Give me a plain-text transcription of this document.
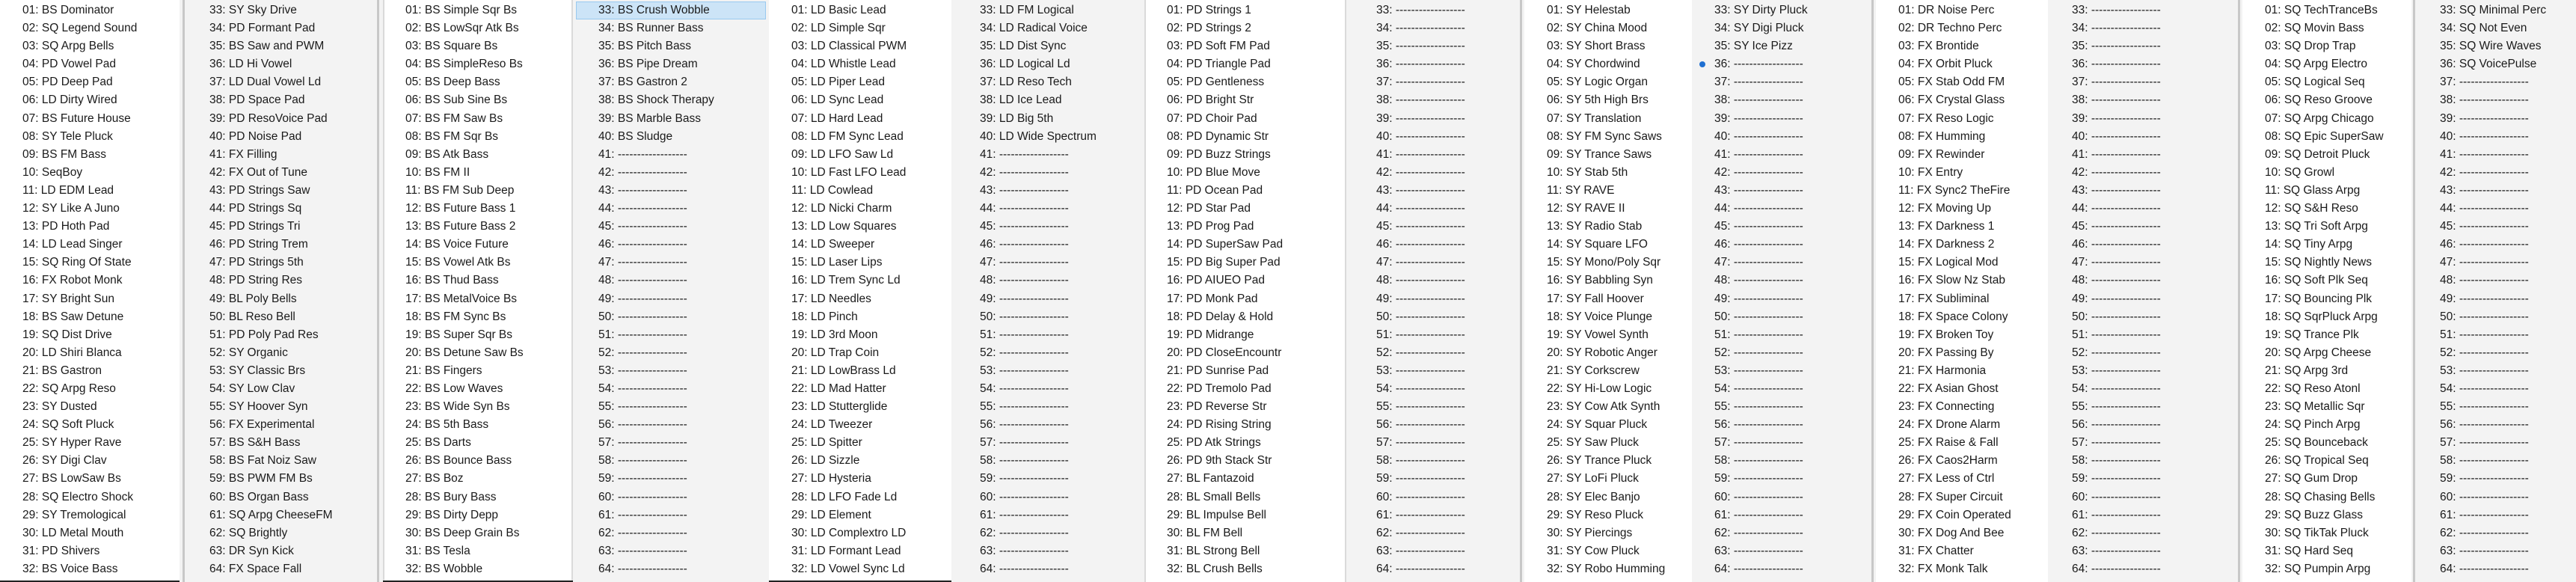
01: BS Dominator
02: SQ Legend Sound
03: SQ Arpg Bells
04: PD Vowel Pad
05: PD Deep Pad
06: LD Dirty Wired
07: BS Future House
08: SY Tele Pluck
09: BS FM Bass
10: SeqBoy
11: LD EDM Lead
12: SY Like A Juno
13: PD Hoth Pad
14: LD Lead Singer
15: SQ Ring Of State
16: FX Robot Monk
17: SY Bright Sun
18: BS Saw Detune
19: SQ Dist Drive
20: LD Shiri Blanca
21: BS Gastron
22: SQ Arpg Reso
23: SY Dusted
24: SQ Soft Pluck
25: SY Hyper Rave
26: SY Digi Clav
27: BS LowSaw Bs
28: SQ Electro Shock
29: SY Tremological
30: LD Metal Mouth
31: PD Shivers
32: BS Voice Bass
33: SY Sky Drive
34: PD Formant Pad
35: BS Saw and PWM
36: LD Hi Vowel
37: LD Dual Vowel Ld
38: PD Space Pad
39: PD ResoVoice Pad
40: PD Noise Pad
41: FX Filling
42: FX Out of Tune
43: PD Strings Saw
44: PD Strings Sq
45: PD Strings Tri
46: PD String Trem
47: PD Strings 5th
48: PD String Res
49: BL Poly Bells
50: BL Reso Bell
51: PD Poly Pad Res
52: SY Organic
53: SY Classic Brs
54: SY Low Clav
55: SY Hoover Syn
56: FX Experimental
57: BS S&H Bass
58: BS Fat Noiz Saw
59: BS PWM FM Bs
60: BS Organ Bass
61: SQ Arpg CheeseFM
62: SQ Brightly
63: DR Syn Kick
64: FX Space Fall
01: BS Simple Sqr Bs
02: BS LowSqr Atk Bs
03: BS Square Bs
04: BS SimpleReso Bs
05: BS Deep Bass
06: BS Sub Sine Bs
07: BS FM Saw Bs
08: BS FM Sqr Bs
09: BS Atk Bass
10: BS FM II
11: BS FM Sub Deep
12: BS Future Bass 1
13: BS Future Bass 2
14: BS Voice Future
15: BS Vowel Atk Bs
16: BS Thud Bass
17: BS MetalVoice Bs
18: BS FM Sync Bs
19: BS Super Sqr Bs
20: BS Detune Saw Bs
21: BS Fingers
22: BS Low Waves
23: BS Wide Syn Bs
24: BS 5th Bass
25: BS Darts
26: BS Bounce Bass
27: BS Boz
28: BS Bury Bass
29: BS Dirty Depp
30: BS Deep Grain Bs
31: BS Tesla
32: BS Wobble
33: BS Crush Wobble
34: BS Runner Bass
35: BS Pitch Bass
36: BS Pipe Dream
37: BS Gastron 2
38: BS Shock Therapy
39: BS Marble Bass
40: BS Sludge
41: ------------------
42: ------------------
43: ------------------
44: ------------------
45: ------------------
46: ------------------
47: ------------------
48: ------------------
49: ------------------
50: ------------------
51: ------------------
52: ------------------
53: ------------------
54: ------------------
55: ------------------
56: ------------------
57: ------------------
58: ------------------
59: ------------------
60: ------------------
61: ------------------
62: ------------------
63: ------------------
64: ------------------
01: LD Basic Lead
02: LD Simple Sqr
03: LD Classical PWM
04: LD Whistle Lead
05: LD Piper Lead
06: LD Sync Lead
07: LD Hard Lead
08: LD FM Sync Lead
09: LD LFO Saw Ld
10: LD Fast LFO Lead
11: LD Cowlead
12: LD Nicki Charm
13: LD Low Squares
14: LD Sweeper
15: LD Laser Lips
16: LD Trem Sync Ld
17: LD Needles
18: LD Pinch
19: LD 3rd Moon
20: LD Trap Coin
21: LD LowBrass Ld
22: LD Mad Hatter
23: LD Stutterglide
24: LD Tweezer
25: LD Spitter
26: LD Sizzle
27: LD Hysteria
28: LD LFO Fade Ld
29: LD Element
30: LD Complextro LD
31: LD Formant Lead
32: LD Vowel Sync Ld
33: LD FM Logical
34: LD Radical Voice
35: LD Dist Sync
36: LD Logical Ld
37: LD Reso Tech
38: LD Ice Lead
39: LD Big 5th
40: LD Wide Spectrum
41: ------------------
42: ------------------
43: ------------------
44: ------------------
45: ------------------
46: ------------------
47: ------------------
48: ------------------
49: ------------------
50: ------------------
51: ------------------
52: ------------------
53: ------------------
54: ------------------
55: ------------------
56: ------------------
57: ------------------
58: ------------------
59: ------------------
60: ------------------
61: ------------------
62: ------------------
63: ------------------
64: ------------------
01: PD Strings 1
02: PD Strings 2
03: PD Soft FM Pad
04: PD Triangle Pad
05: PD Gentleness
06: PD Bright Str
07: PD Choir Pad
08: PD Dynamic Str
09: PD Buzz Strings
10: PD Blue Move
11: PD Ocean Pad
12: PD Star Pad
13: PD Prog Pad
14: PD SuperSaw Pad
15: PD Big Super Pad
16: PD AIUEO Pad
17: PD Monk Pad
18: PD Delay & Hold
19: PD Midrange
20: PD CloseEncountr
21: PD Sunrise Pad
22: PD Tremolo Pad
23: PD Reverse Str
24: PD Rising String
25: PD Atk Strings
26: PD 9th Stack Str
27: BL Fantazoid
28: BL Small Bells
29: BL Impulse Bell
30: BL FM Bell
31: BL Strong Bell
32: BL Crush Bells
33: ------------------
34: ------------------
35: ------------------
36: ------------------
37: ------------------
38: ------------------
39: ------------------
40: ------------------
41: ------------------
42: ------------------
43: ------------------
44: ------------------
45: ------------------
46: ------------------
47: ------------------
48: ------------------
49: ------------------
50: ------------------
51: ------------------
52: ------------------
53: ------------------
54: ------------------
55: ------------------
56: ------------------
57: ------------------
58: ------------------
59: ------------------
60: ------------------
61: ------------------
62: ------------------
63: ------------------
64: ------------------
01: SY Helestab
02: SY China Mood
03: SY Short Brass
04: SY Chordwind
05: SY Logic Organ
06: SY 5th High Brs
07: SY Translation
08: SY FM Sync Saws
09: SY Trance Saws
10: SY Stab 5th
11: SY RAVE
12: SY RAVE II
13: SY Radio Stab
14: SY Square LFO
15: SY Mono/Poly Sqr
16: SY Babbling Syn
17: SY Fall Hoover
18: SY Voice Plunge
19: SY Vowel Synth
20: SY Robotic Anger
21: SY Corkscrew
22: SY Hi-Low Logic
23: SY Cow Atk Synth
24: SY Squar Pluck
25: SY Saw Pluck
26: SY Trance Pluck
27: SY LoFi Pluck
28: SY Elec Banjo
29: SY Reso Pluck
30: SY Piercings
31: SY Cow Pluck
32: SY Robo Humming
33: SY Dirty Pluck
34: SY Digi Pluck
35: SY Ice Pizz
36: ------------------
37: ------------------
38: ------------------
39: ------------------
40: ------------------
41: ------------------
42: ------------------
43: ------------------
44: ------------------
45: ------------------
46: ------------------
47: ------------------
48: ------------------
49: ------------------
50: ------------------
51: ------------------
52: ------------------
53: ------------------
54: ------------------
55: ------------------
56: ------------------
57: ------------------
58: ------------------
59: ------------------
60: ------------------
61: ------------------
62: ------------------
63: ------------------
64: ------------------
01: DR Noise Perc
02: DR Techno Perc
03: FX Brontide
04: FX Orbit Pluck
05: FX Stab Odd FM
06: FX Crystal Glass
07: FX Reso Logic
08: FX Humming
09: FX Rewinder
10: FX Entry
11: FX Sync2 TheFire
12: FX Moving Up
13: FX Darkness 1
14: FX Darkness 2
15: FX Logical Mod
16: FX Slow Nz Stab
17: FX Subliminal
18: FX Space Colony
19: FX Broken Toy
20: FX Passing By
21: FX Harmonia
22: FX Asian Ghost
23: FX Connecting
24: FX Drone Alarm
25: FX Raise & Fall
26: FX Caos2Harm
27: FX Less of Ctrl
28: FX Super Circuit
29: FX Coin Operated
30: FX Dog And Bee
31: FX Chatter
32: FX Monk Talk
33: ------------------
34: ------------------
35: ------------------
36: ------------------
37: ------------------
38: ------------------
39: ------------------
40: ------------------
41: ------------------
42: ------------------
43: ------------------
44: ------------------
45: ------------------
46: ------------------
47: ------------------
48: ------------------
49: ------------------
50: ------------------
51: ------------------
52: ------------------
53: ------------------
54: ------------------
55: ------------------
56: ------------------
57: ------------------
58: ------------------
59: ------------------
60: ------------------
61: ------------------
62: ------------------
63: ------------------
64: ------------------
01: SQ TechTranceBs
02: SQ Movin Bass
03: SQ Drop Trap
04: SQ Arpg Electro
05: SQ Logical Seq
06: SQ Reso Groove
07: SQ Arpg Chicago
08: SQ Epic SuperSaw
09: SQ Detroit Pluck
10: SQ Growl
11: SQ Glass Arpg
12: SQ S&H Reso
13: SQ Tri Soft Arpg
14: SQ Tiny Arpg
15: SQ Nightly News
16: SQ Soft Plk Seq
17: SQ Bouncing Plk
18: SQ SqrPluck Arpg
19: SQ Trance Plk
20: SQ Arpg Cheese
21: SQ Arpg 3rd
22: SQ Reso Atonl
23: SQ Metallic Sqr
24: SQ Pinch Arpg
25: SQ Bounceback
26: SQ Tropical Seq
27: SQ Gum Drop
28: SQ Chasing Bells
29: SQ Buzz Glass
30: SQ TikTak Pluck
31: SQ Hard Seq
32: SQ Pumpin Arpg
33: SQ Minimal Perc
34: SQ Not Even
35: SQ Wire Waves
36: SQ VoicePulse
37: ------------------
38: ------------------
39: ------------------
40: ------------------
41: ------------------
42: ------------------
43: ------------------
44: ------------------
45: ------------------
46: ------------------
47: ------------------
48: ------------------
49: ------------------
50: ------------------
51: ------------------
52: ------------------
53: ------------------
54: ------------------
55: ------------------
56: ------------------
57: ------------------
58: ------------------
59: ------------------
60: ------------------
61: ------------------
62: ------------------
63: ------------------
64: ------------------
